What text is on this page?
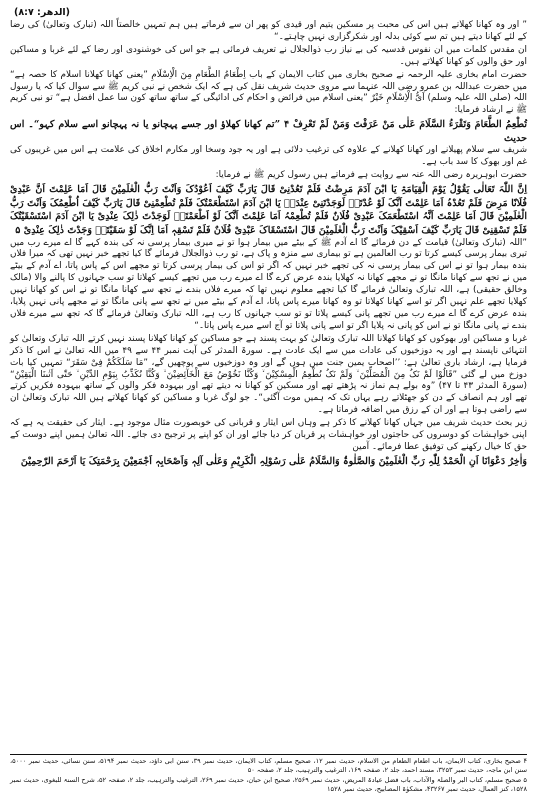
(الدھر: ۸:۷)

” اور وہ کھانا کھلاتے ہیں اس کی محبت پر مسکین یتیم اور قیدی کو پھر ان سے فرماتے ہیں ہم تمہیں خالصتاً اللہ (تبارک وتعالیٰ) کی رضا کے لئے کھانا دیتے ہیں تم سے کوئی بدلہ اور شکرگزاری نہیں چاہتے۔“

ان مقدس کلمات میں ان نفوس قدسیہ کی بے نیاز رب ذوالجلال نے تعریف فرمائی ہے جو اس کی خوشنودی اور رضا کے لئے غربا و مساکین اور حق والوں کو کھانا کھلاتے ہیں۔

حضرت امام بخاری علیہ الرحمہ نے صحیح بخاری میں کتاب الایمان کے باب اِطْعَامُ الطَّعَامِ مِنَ الْاِسْلَامِ ”یعنی کھانا کھلانا اسلام کا حصہ ہے“ میں حضرت عبداللہ بن عمرو رضی اللہ عنہما سے مروی حدیث شریف نقل کی ہے کہ ایک شخص نے نبی کریم ﷺ سے سوال کیا کہ یا رسول اللہ (صلی اللہ علیہ وسلم) اَیُّ الْاِسْلَامِ خَیْرٌ ”یعنی اسلام میں فرائض و احکام کی ادائیگی کے ساتھ ساتھ کون سا عمل افضل ہے“ تو نبی کریم ﷺ نے ارشاد فرمایا:

تُطْعِمُ الطَّعَامَ وَتَقْرَءُ السَّلَامَ عَلٰی مَنْ عَرَفْتَ وَمَنْ لَمْ تَعْرِفْ ۴ ”تم کھانا کھلاؤ اور جسے پہچانو یا نہ پہچانو اسے سلام کہو“۔ اس حدیث

شریف سے سلام پھیلانے اور کھانا کھلانے کے علاوہ کی ترغیب دلائی ہے اور یہ جود وسخا اور مکارم اخلاق کی علامت ہے اس میں غریبوں کی غم اور بھوک کا سد باب ہے۔

حضرت ابوہریرہ رضی اللہ عنہ سے روایت ہے فرماتے ہیں رسول کریم ﷺ نے فرمایا:

اِنَّ اللّٰہَ تَعَالٰی یَقُوْلُ یَوْمَ الْقِیَامَۃِ یَا ابْنَ آدَمَ مَرِضْتُ فَلَمْ تَعُدْنِیْ قَالَ یَارَبِّ کَیْفَ اَعُوْدُکَ وَاَنْتَ رَبُّ الْعٰلَمِیْنَ قَالَ اَمَا عَلِمْتَ اَنَّ عَبْدِیْ فُلَانًا مَرِضَ فَلَمْ تَعُدْہُ اَمَا عَلِمْتَ اَنَّکَ لَوْ عُدْتَہٗ لَوَجَدْتَنِیْ عِنْدَہٗ یَا ابْنَ آدَمَ اسْتَطْعَمْتُکَ فَلَمْ تُطْعِمْنِیْ قَالَ یَارَبِّ کَیْفَ اُطْعِمُکَ وَاَنْتَ رَبُّ الْعٰلَمِیْنَ قَالَ اَمَا عَلِمْتَ اَنَّہُ اسْتَطْعَمَکَ عَبْدِیْ فُلَانٌ فَلَمْ تُطْعِمْہُ اَمَا عَلِمْتَ اَنَّکَ لَوْ اَطْعَمْتَہٗ لَوَجَدْتَ ذٰلِکَ عِنْدِیْ یَا ابْنَ آدَمَ اسْتَسْقَیْتُکَ فَلَمْ تَسْقِنِیْ قَالَ یَارَبِّ کَیْفَ اَسْقِیْکَ وَاَنْتَ رَبُّ الْعٰلَمِیْنَ قَالَ اسْتَسْقَاکَ عَبْدِیْ فُلَانٌ فَلَمْ تَسْقِہٖ اَمَا اِنَّکَ لَوْ سَقَیْتَہٗ وَجَدْتَ ذٰلِکَ عِنْدِیْ ۵

”اللہ (تبارک وتعالیٰ) قیامت کے دن فرمائے گا اے آدم ﷺ کے بیٹے میں بیمار ہوا تو نے میری بیمار پرسی نہ کی بندہ کہے گا اے میرے رب میں تیری بیمار پرسی کیسے کرتا تو رب العالمین ہے تو بیماری سے منزہ و پاک ہے، تو رب ذوالجلال فرمائے گا کیا تجھے خبر نہیں تھی کہ میرا فلاں بندہ بیمار ہوا تو نے اس کی بیمار پرسی نہ کی تجھے خبر نہیں کہ اگر تو اس کی بیمار پرسی کرتا تو مجھے اس کے پاس پاتا، اے آدم کے بیٹے میں نے تجھ سے کھانا مانگا تو نے مجھے کھانا نہ کھلایا بندہ عرض کرے گا اے میرے رب میں تجھے کیسے کھلاتا تو سب جہانوں کا پالنے والا (مالک وخالق حقیقی) ہے، اللہ تبارک وتعالیٰ فرمائے گا کیا تجھے معلوم نہیں تھا کہ میرے فلاں بندے نے تجھ سے کھانا مانگا تو نے اس کو کھانا نہیں کھلایا تجھے علم نہیں اگر تو اسے کھانا کھلاتا تو وہ کھانا میرے پاس پاتا، اے آدم کے بیٹے میں نے تجھ سے پانی مانگا تو نے مجھے پانی نہیں پلایا، بندہ عرض کرے گا اے میرے رب میں تجھے پانی کیسے پلاتا تو تو سب جہانوں کا رب ہے، اللہ تبارک وتعالیٰ فرمائے گا کہ تجھ سے میرے فلاں بندے نے پانی مانگا تو نے اس کو پانی نہ پلایا اگر تو اسے پانی پلاتا تو آج اسے میرے پاس پاتا۔“

غربا و مساکین اور بھوکوں کو کھانا کھلانا اللہ تبارک وتعالیٰ کو بہت پسند ہے جو مساکین کو کھانا کھلانا پسند نہیں کرتے اللہ تبارک وتعالیٰ کو انتہائی ناپسند ہے اور یہ دوزخیوں کی عادات میں سے ایک عادت ہے۔ سورۃ المدثر کی آیت نمبر ۴۴ سے ۴۹ میں اللہ تعالیٰ نے اس کا ذکر فرمایا ہے، ارشاد باری تعالیٰ ہے: ’’اصحاب یمین جنت میں ہوں گے اور وہ دوزخیوں سے پوچھیں گے، ”مَا سَلَکَکُمْ فِیْ سَقَرَ“ تمہیں کیا بات دوزخ میں لے گئی ”قَالُوْا لَمْ نَکُ مِنَ الْمُصَلِّیْنَ ۙ وَلَمْ نَکُ نُطْعِمُ الْمِسْکِیْنَ ۙ وَکُنَّا نَخُوْضُ مَعَ الْخَآئِضِیْنَ ۙ وَکُنَّا نُکَذِّبُ بِیَوْمِ الدِّیْنِ ۙ حَتّٰی اَتٰىنَا الْیَقِیْنُ“ (سورۃ المدثر ۴۳ تا ۴۷) ”وہ بولے ہم نماز نہ پڑھتے تھے اور مسکین کو کھانا نہ دیتے تھے اور بیہودہ فکر والوں کے ساتھ بیہودہ فکریں کرتے تھے اور ہم انصاف کے دن کو جھٹلاتے رہے یہاں تک کہ ہمیں موت آگئی“۔ جو لوگ غربا و مساکین کو کھانا کھلاتے ہیں اللہ تبارک وتعالیٰ ان سے راضی ہوتا ہے اور ان کے رزق میں اضافہ فرماتا ہے۔

زیر بحث حدیث شریف میں جہاں کھانا کھلانے کا ذکر ہے وہاں اس ایثار و قربانی کی خوبصورت مثال موجود ہے۔ ایثار کی حقیقت یہ ہے کہ اپنی خواہشات کو دوسروں کی حاجتوں اور خواہشات پر قربان کر دیا جائے اور ان کو اپنے پر ترجیح دی جائے۔ اللہ تعالیٰ ہمیں اپنے دوست کے حق کا خیال رکھنے کی توفیق عطا فرمائے۔ آمین

وَاٰخِرُ دَعْوَانَا اَنِ الْحَمْدُ لِلّٰہِ رَبِّ الْعٰلَمِیْنَ وَالصَّلٰوۃُ وَالسَّلَامُ عَلٰی رَسُوْلِہِ الْکَرِیْمِ وَعَلٰی آلِہٖ وَاَصْحَابِہٖ اَجْمَعِیْنَ بِرَحْمَتِکَ یَا اَرْحَمَ الرّٰحِمِیْنَ

۴ صحیح بخاری، کتاب الایمان، باب اطعام الطعام من الاسلام، حدیث نمبر ۱۲، صحیح مسلم، کتاب الایمان، حدیث نمبر ۳۹، سنن ابی داؤد، حدیث نمبر ۵۱۹۴، سنن نسائی، حدیث نمبر ۵۰۰۰، سنن ابن ماجہ، حدیث نمبر ۳۲۵۳، مسند احمد، جلد ۲، صفحہ ۱۶۹، الترغیب والترہیب، جلد ۲، صفحہ ۵۰

۵ صحیح مسلم، کتاب البر والصلۃ والآداب، باب فضل عیادۃ المریض، حدیث نمبر ۲۵۶۹، صحیح ابن حبان، حدیث نمبر ۲۶۹، الترغیب والترہیب، جلد ۲، صفحہ ۵۲، شرح السنۃ للبغوی، حدیث نمبر ۱۵۲۸، کنز العمال، حدیث نمبر ۴۳۲۶۷، مشکوٰۃ المصابیح، حدیث نمبر ۱۵۲۸
